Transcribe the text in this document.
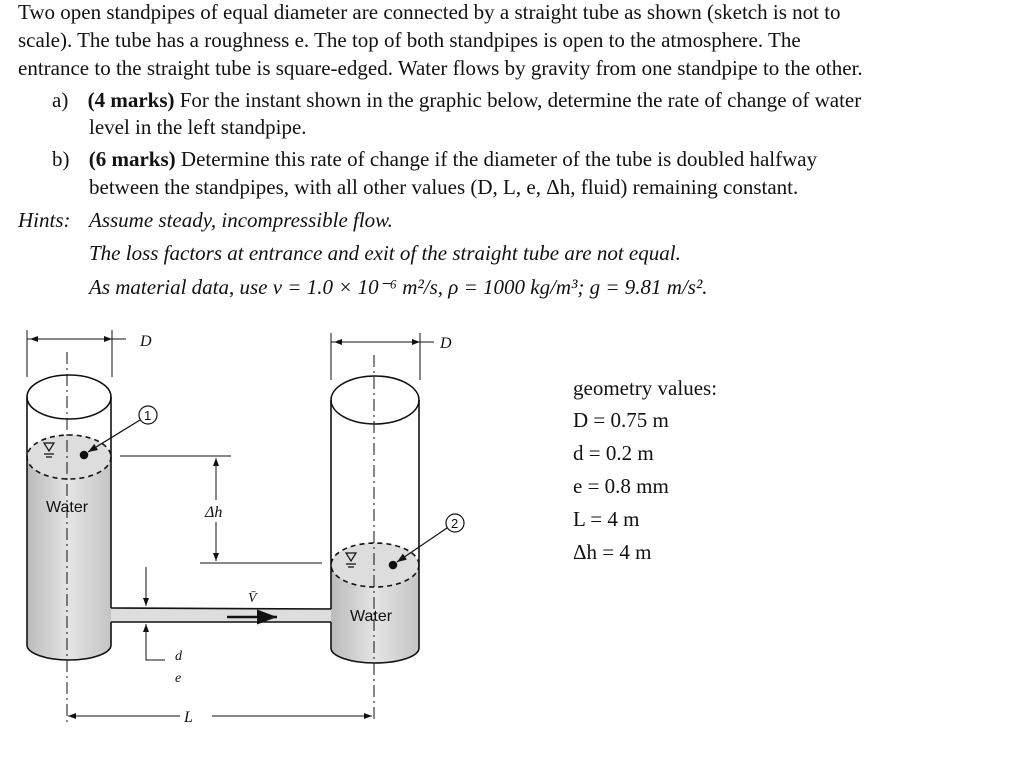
Two open standpipes of equal diameter are connected by a straight tube as shown (sketch is not to
scale). The tube has a roughness e. The top of both standpipes is open to the atmosphere. The
entrance to the straight tube is square-edged. Water flows by gravity from one standpipe to the other.
a) (4 marks) For the instant shown in the graphic below, determine the rate of change of water
level in the left standpipe.
b) (6 marks) Determine this rate of change if the diameter of the tube is doubled halfway
between the standpipes, with all other values (D, L, e, Δh, fluid) remaining constant.
Hints: Assume steady, incompressible flow.
The loss factors at entrance and exit of the straight tube are not equal.
As material data, use ν = 1.0 × 10⁻⁶ m²/s, ρ = 1000 kg/m³; g = 9.81 m/s².
D	D
1
2
Water
Water
Δh
V̄
d
e
L
geometry values:
D = 0.75 m
d = 0.2 m
e = 0.8 mm
L = 4 m
Δh = 4 m
